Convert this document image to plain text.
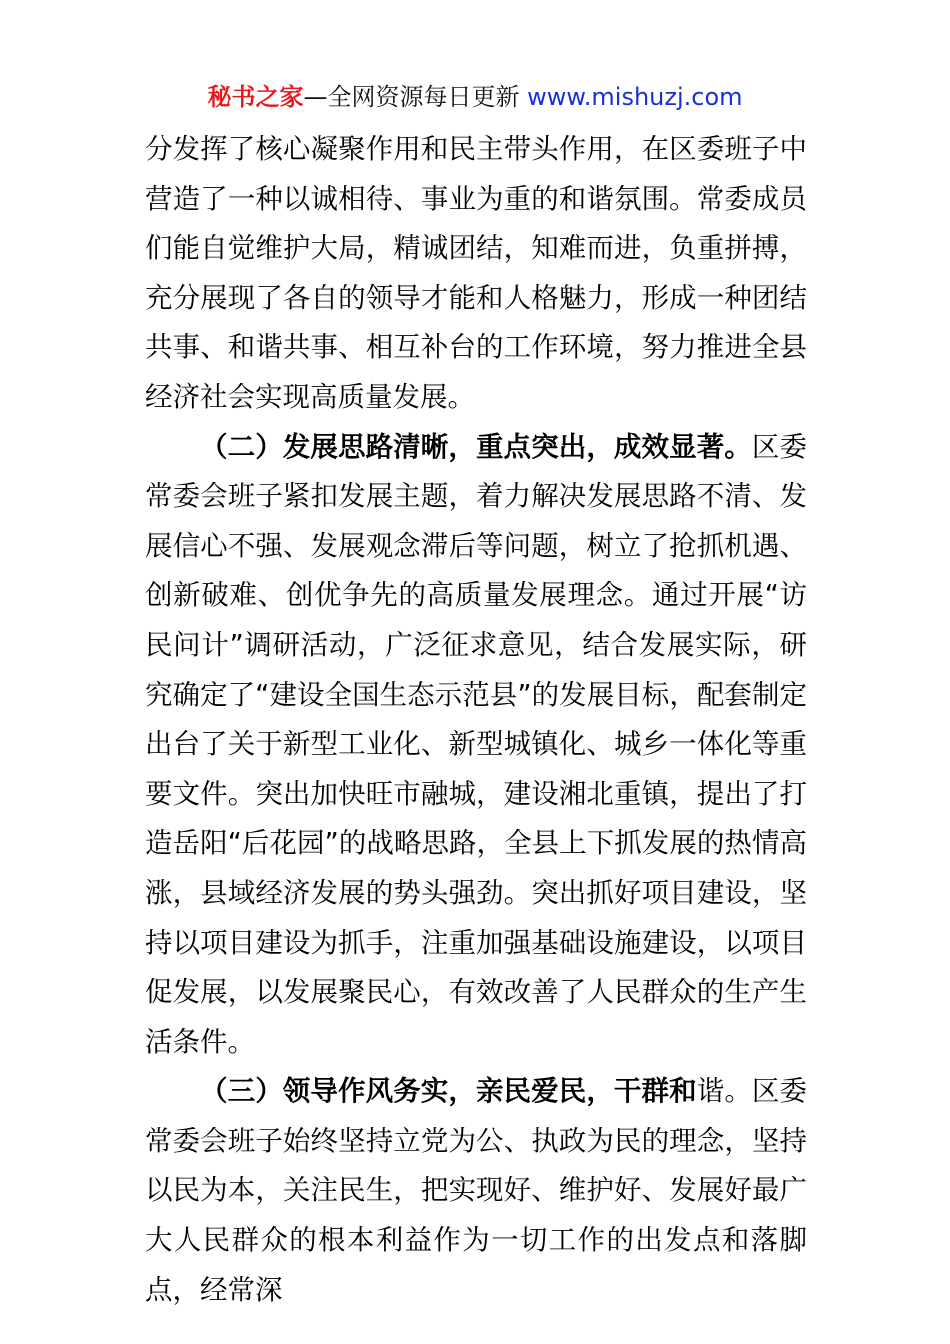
秘书之家—全网资源每日更新 www.mishuzj.com

分发挥了核心凝聚作用和民主带头作用，在区委班子中营造了一种以诚相待、事业为重的和谐氛围。常委成员们能自觉维护大局，精诚团结，知难而进，负重拼搏，充分展现了各自的领导才能和人格魅力，形成一种团结共事、和谐共事、相互补台的工作环境，努力推进全县经济社会实现高质量发展。

（二）发展思路清晰，重点突出，成效显著。区委常委会班子紧扣发展主题，着力解决发展思路不清、发展信心不强、发展观念滞后等问题，树立了抢抓机遇、创新破难、创优争先的高质量发展理念。通过开展“访民问计”调研活动，广泛征求意见，结合发展实际，研究确定了“建设全国生态示范县”的发展目标，配套制定出台了关于新型工业化、新型城镇化、城乡一体化等重要文件。突出加快旺市融城，建设湘北重镇，提出了打造岳阳“后花园”的战略思路，全县上下抓发展的热情高涨，县域经济发展的势头强劲。突出抓好项目建设，坚持以项目建设为抓手，注重加强基础设施建设，以项目促发展，以发展聚民心，有效改善了人民群众的生产生活条件。

（三）领导作风务实，亲民爱民，干群和谐。区委常委会班子始终坚持立党为公、执政为民的理念，坚持以民为本，关注民生，把实现好、维护好、发展好最广大人民群众的根本利益作为一切工作的出发点和落脚点，经常深
